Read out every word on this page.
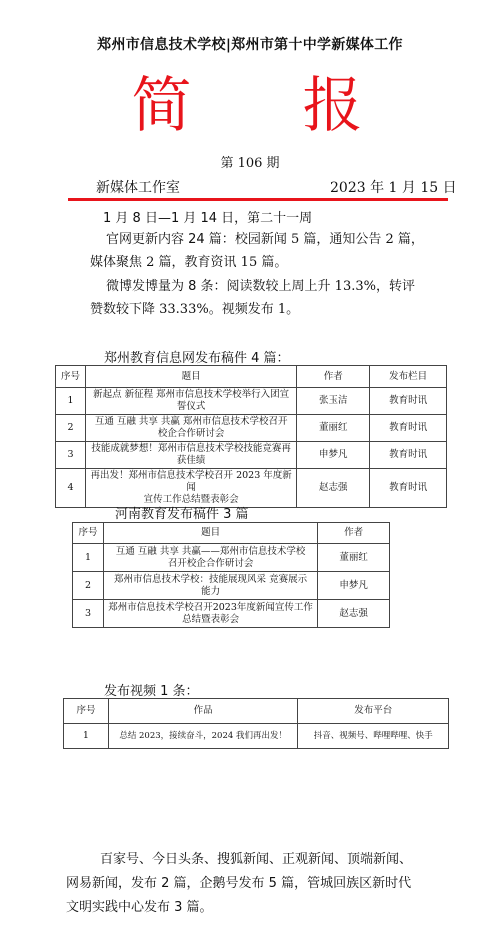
郑州市信息技术学校|郑州市第十中学新媒体工作
简 报
第 106 期
新媒体工作室	2023 年 1 月 15 日
1 月 8 日—1 月 14 日，第二十一周
官网更新内容 24 篇：校园新闻 5 篇，通知公告 2 篇，
媒体聚焦 2 篇，教育资讯 15 篇。
微博发博量为 8 条：阅读数较上周上升 13.3%，转评
赞数较下降 33.33%。视频发布 1。
郑州教育信息网发布稿件 4 篇：
序号	题目	作者	发布栏目
1	新起点 新征程 郑州市信息技术学校举行入团宣
誓仪式	张玉洁	教育时讯
2	互通 互融 共享 共赢 郑州市信息技术学校召开
校企合作研讨会	董丽红	教育时讯
3	技能成就梦想！郑州市信息技术学校技能竞赛再
获佳绩	申梦凡	教育时讯
4	再出发！郑州市信息技术学校召开 2023 年度新闻
宣传工作总结暨表彰会	赵志强	教育时讯
河南教育发布稿件 3 篇
序号	题目	作者
1	互通 互融 共享 共赢——郑州市信息技术学校
召开校企合作研讨会	董丽红
2	郑州市信息技术学校：技能展现风采 竞赛展示
能力	申梦凡
3	郑州市信息技术学校召开2023年度新闻宣传工作
总结暨表彰会	赵志强
发布视频 1 条：
序号	作品	发布平台
1	总结 2023，接续奋斗，2024 我们再出发！	抖音、视频号、哔哩哔哩、快手
百家号、今日头条、搜狐新闻、正观新闻、顶端新闻、
网易新闻，发布 2 篇，企鹅号发布 5 篇，管城回族区新时代
文明实践中心发布 3 篇。
